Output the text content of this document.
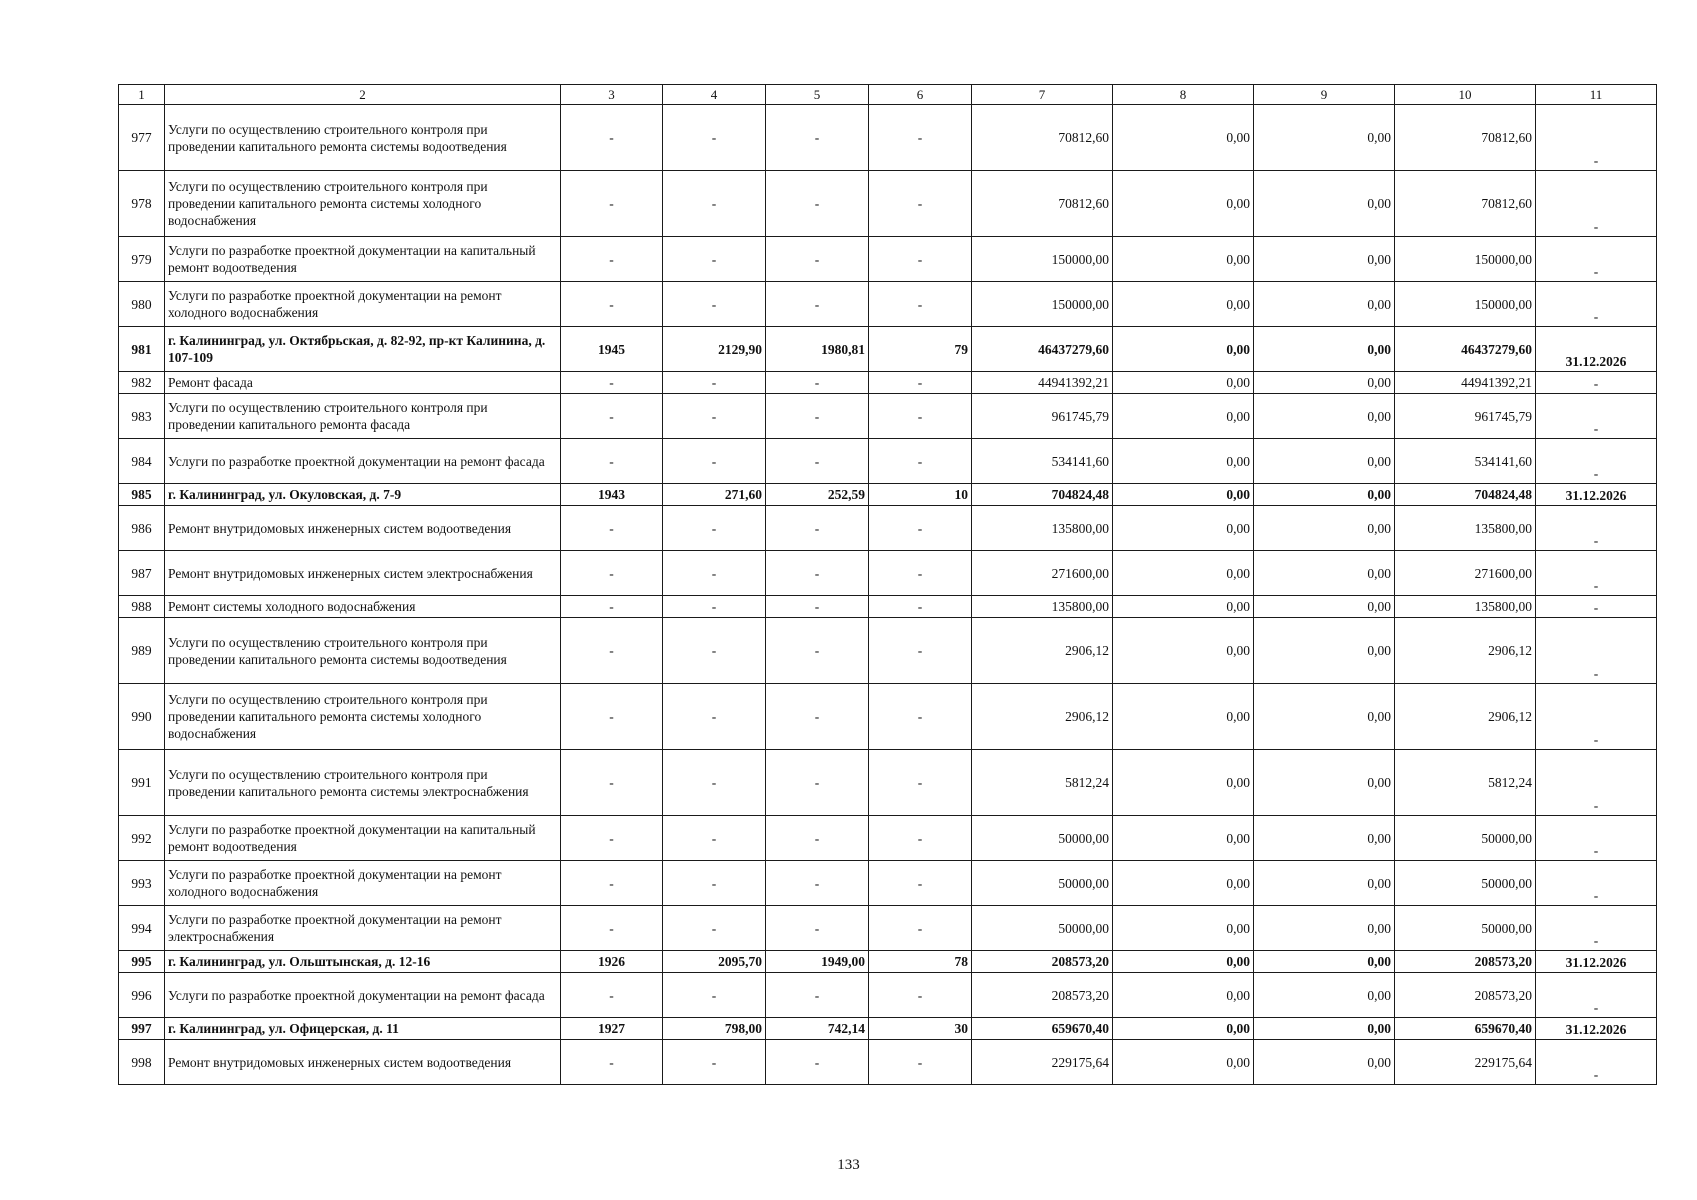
1	2	3	4	5	6	7	8	9	10	11
977	Услуги по осуществлению строительного контроля при проведении капитального ремонта системы водоотведения	-	-	-	-	70812,60	0,00	0,00	70812,60	-
978	Услуги по осуществлению строительного контроля при проведении капитального ремонта системы холодного водоснабжения	-	-	-	-	70812,60	0,00	0,00	70812,60	-
979	Услуги по разработке проектной документации на капитальный ремонт водоотведения	-	-	-	-	150000,00	0,00	0,00	150000,00	-
980	Услуги по разработке проектной документации на ремонт холодного водоснабжения	-	-	-	-	150000,00	0,00	0,00	150000,00	-
981	г. Калининград, ул. Октябрьская, д. 82-92, пр-кт Калинина, д. 107-109	1945	2129,90	1980,81	79	46437279,60	0,00	0,00	46437279,60	31.12.2026
982	Ремонт фасада	-	-	-	-	44941392,21	0,00	0,00	44941392,21	-
983	Услуги по осуществлению строительного контроля при проведении капитального ремонта фасада	-	-	-	-	961745,79	0,00	0,00	961745,79	-
984	Услуги по разработке проектной документации на ремонт фасада	-	-	-	-	534141,60	0,00	0,00	534141,60	-
985	г. Калининград, ул. Окуловская, д. 7-9	1943	271,60	252,59	10	704824,48	0,00	0,00	704824,48	31.12.2026
986	Ремонт внутридомовых инженерных систем водоотведения	-	-	-	-	135800,00	0,00	0,00	135800,00	-
987	Ремонт внутридомовых инженерных систем электроснабжения	-	-	-	-	271600,00	0,00	0,00	271600,00	-
988	Ремонт системы холодного водоснабжения	-	-	-	-	135800,00	0,00	0,00	135800,00	-
989	Услуги по осуществлению строительного контроля при проведении капитального ремонта системы водоотведения	-	-	-	-	2906,12	0,00	0,00	2906,12	-
990	Услуги по осуществлению строительного контроля при проведении капитального ремонта системы холодного водоснабжения	-	-	-	-	2906,12	0,00	0,00	2906,12	-
991	Услуги по осуществлению строительного контроля при проведении капитального ремонта системы электроснабжения	-	-	-	-	5812,24	0,00	0,00	5812,24	-
992	Услуги по разработке проектной документации на капитальный ремонт водоотведения	-	-	-	-	50000,00	0,00	0,00	50000,00	-
993	Услуги по разработке проектной документации на ремонт холодного водоснабжения	-	-	-	-	50000,00	0,00	0,00	50000,00	-
994	Услуги по разработке проектной документации на ремонт электроснабжения	-	-	-	-	50000,00	0,00	0,00	50000,00	-
995	г. Калининград, ул. Ольштынская, д. 12-16	1926	2095,70	1949,00	78	208573,20	0,00	0,00	208573,20	31.12.2026
996	Услуги по разработке проектной документации на ремонт фасада	-	-	-	-	208573,20	0,00	0,00	208573,20	-
997	г. Калининград, ул. Офицерская, д. 11	1927	798,00	742,14	30	659670,40	0,00	0,00	659670,40	31.12.2026
998	Ремонт внутридомовых инженерных систем водоотведения	-	-	-	-	229175,64	0,00	0,00	229175,64	-
133
